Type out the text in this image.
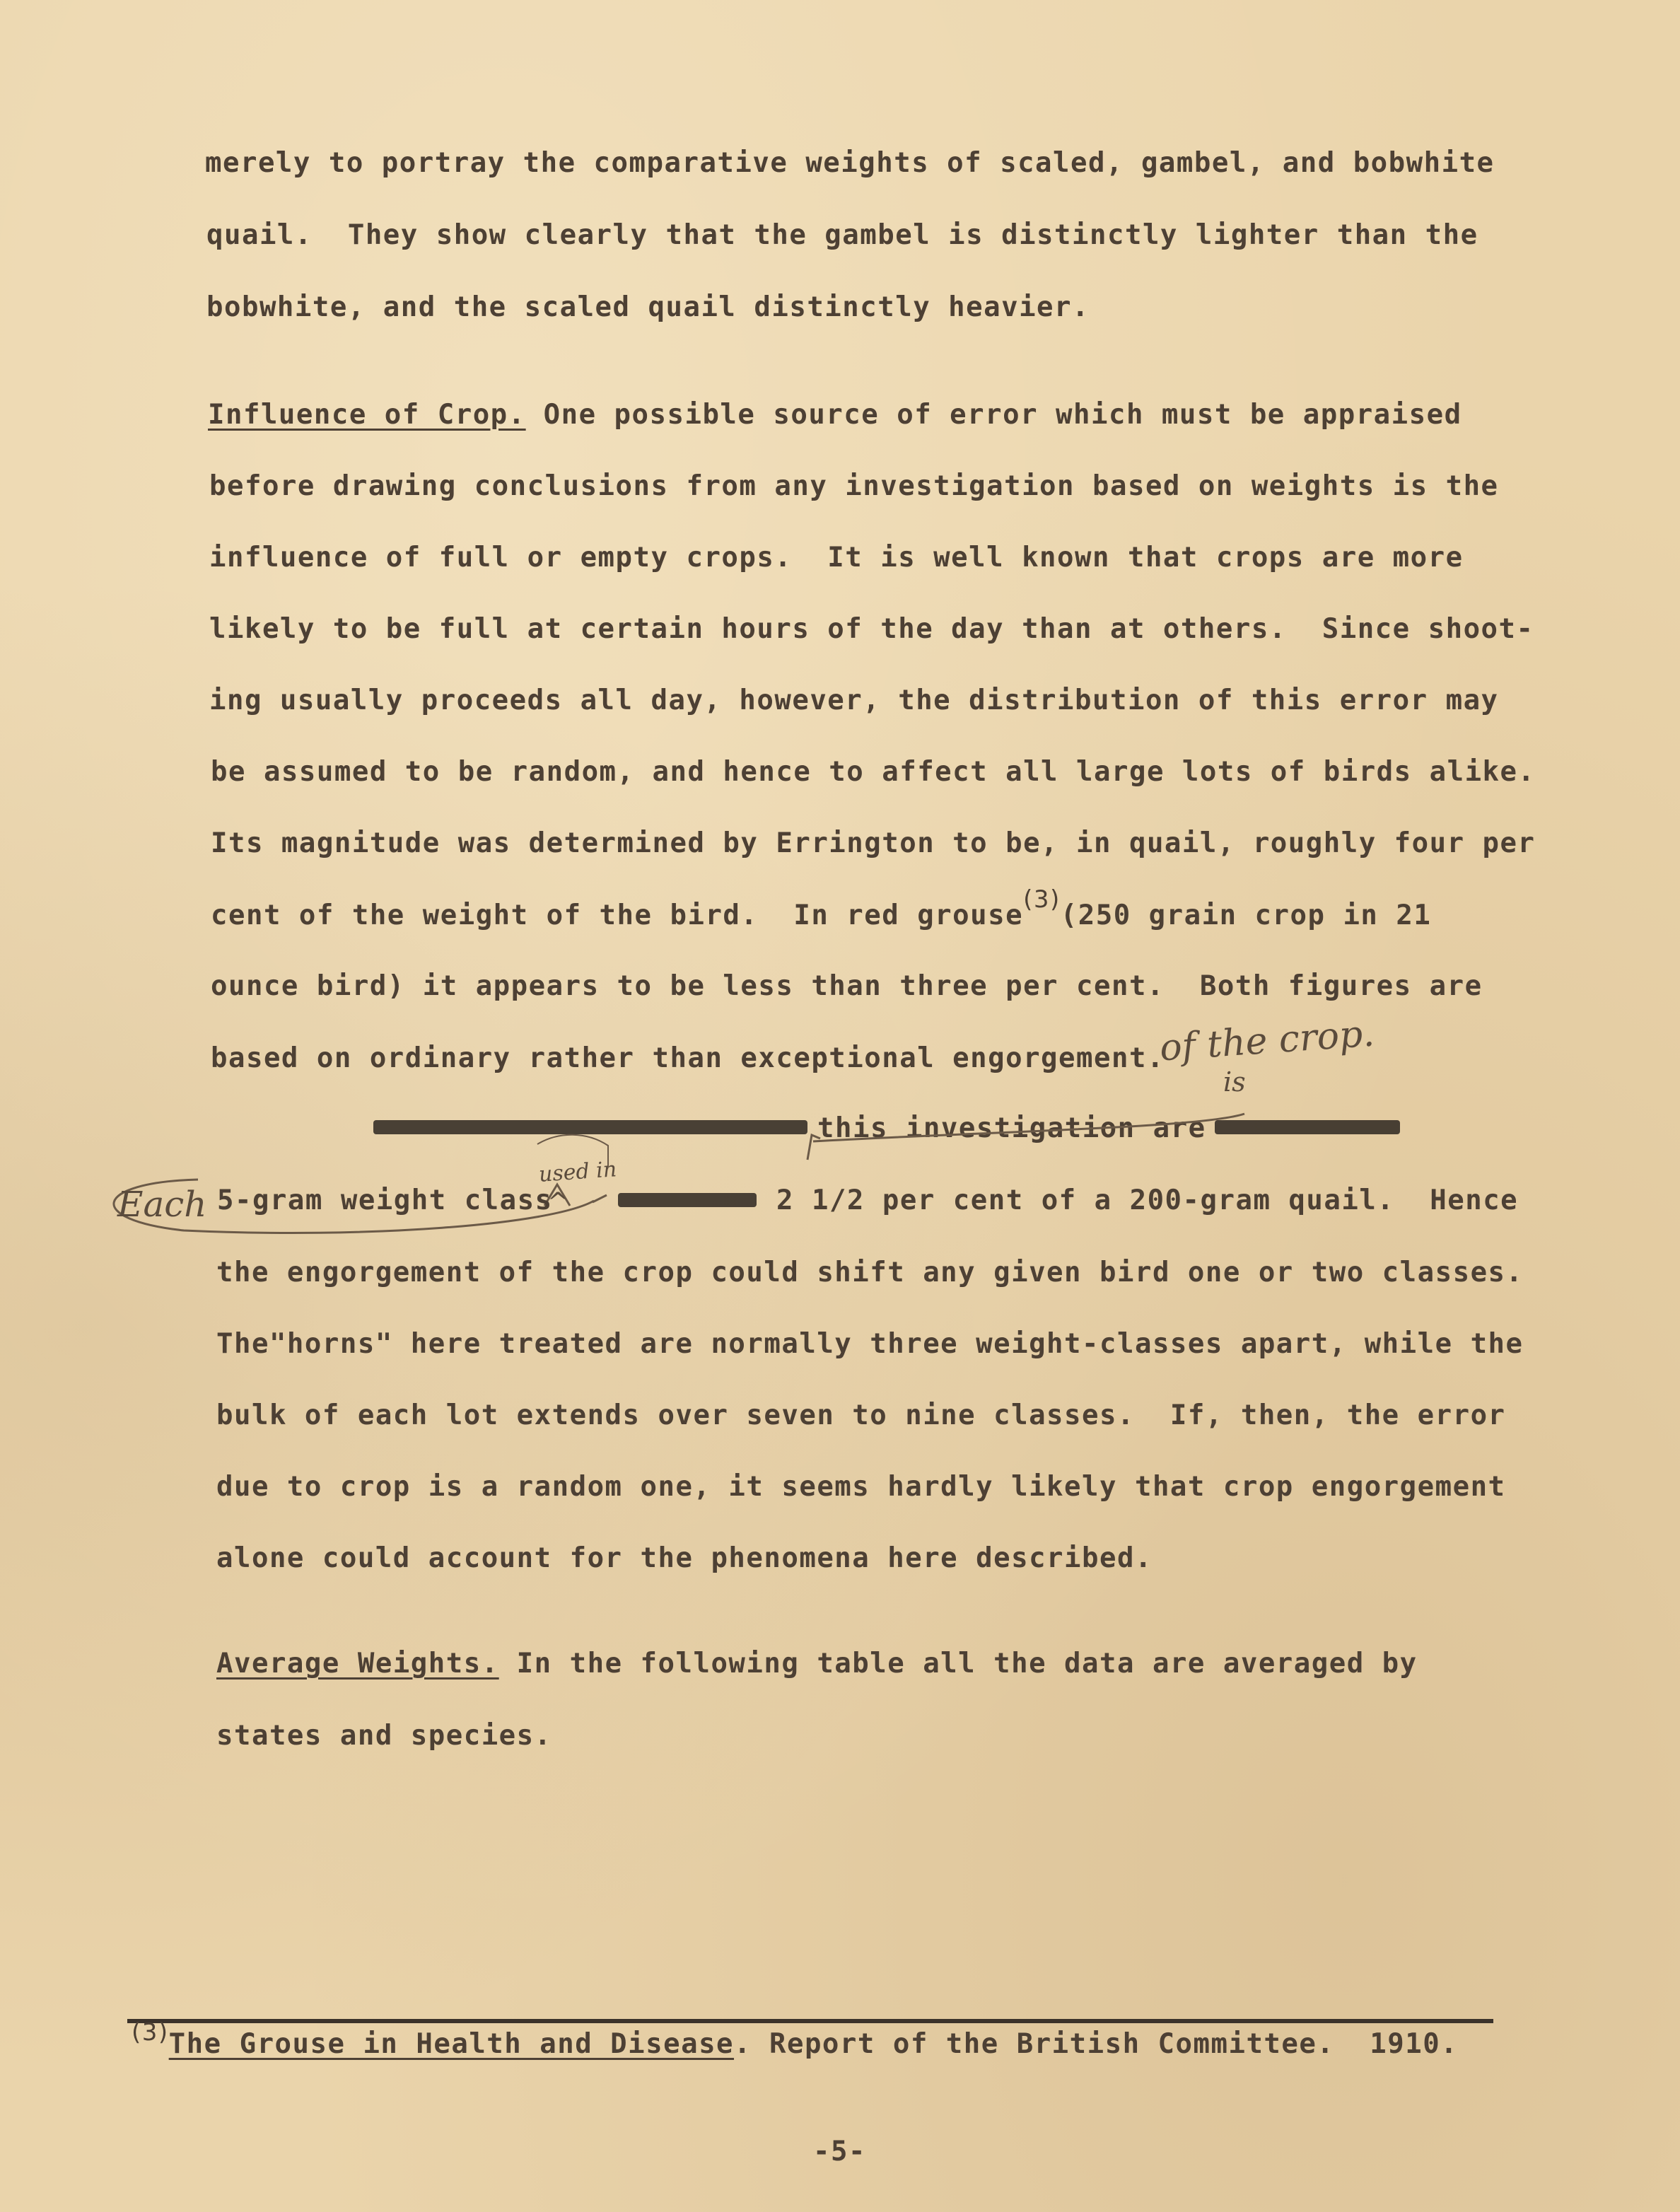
merely to portray the comparative weights of scaled, gambel, and bobwhite
quail.  They show clearly that the gambel is distinctly lighter than the
bobwhite, and the scaled quail distinctly heavier.
Influence of Crop. One possible source of error which must be appraised
before drawing conclusions from any investigation based on weights is the
influence of full or empty crops.  It is well known that crops are more
likely to be full at certain hours of the day than at others.  Since shoot-
ing usually proceeds all day, however, the distribution of this error may
be assumed to be random, and hence to affect all large lots of birds alike.
Its magnitude was determined by Errington to be, in quail, roughly four per
cent of the weight of the bird.  In red grouse(3)(250 grain crop in 21
ounce bird) it appears to be less than three per cent.  Both figures are
based on ordinary rather than exceptional engorgement.
of the crop.
is
this investigation are
Each
used in
^
5-gram weight class	2 1/2 per cent of a 200-gram quail.  Hence
the engorgement of the crop could shift any given bird one or two classes.
The"horns" here treated are normally three weight-classes apart, while the
bulk of each lot extends over seven to nine classes.  If, then, the error
due to crop is a random one, it seems hardly likely that crop engorgement
alone could account for the phenomena here described.
Average Weights. In the following table all the data are averaged by
states and species.
(3)The Grouse in Health and Disease. Report of the British Committee.  1910.
-5-
